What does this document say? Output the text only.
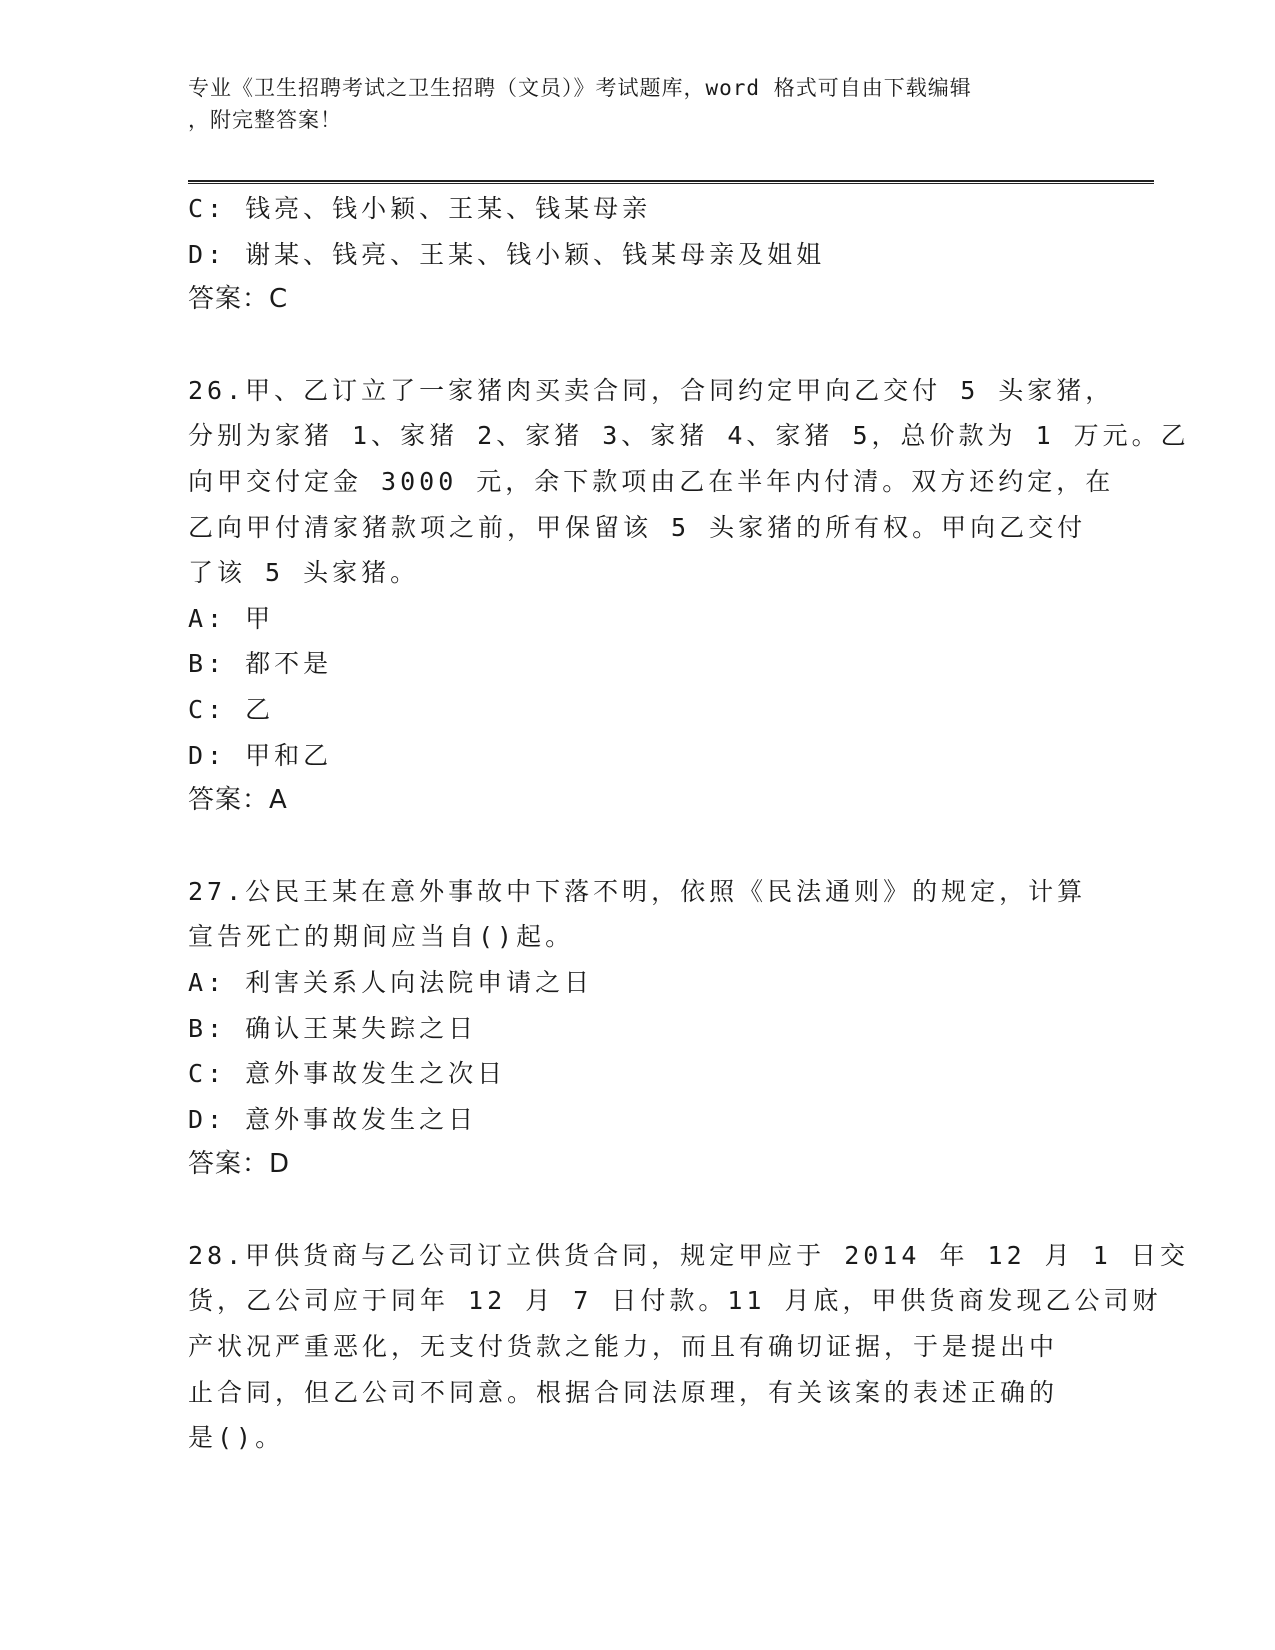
专业《卫生招聘考试之卫生招聘（文员）》考试题库，word 格式可自由下载编辑
，附完整答案！
C: 钱亮、钱小颖、王某、钱某母亲
D: 谢某、钱亮、王某、钱小颖、钱某母亲及姐姐
答案：C
26.甲、乙订立了一家猪肉买卖合同，合同约定甲向乙交付 5 头家猪，
分别为家猪 1、家猪 2、家猪 3、家猪 4、家猪 5，总价款为 1 万元。乙
向甲交付定金 3000 元，余下款项由乙在半年内付清。双方还约定，在
乙向甲付清家猪款项之前，甲保留该 5 头家猪的所有权。甲向乙交付
了该 5 头家猪。
A: 甲
B: 都不是
C: 乙
D: 甲和乙
答案：A
27.公民王某在意外事故中下落不明，依照《民法通则》的规定，计算
宣告死亡的期间应当自()起。
A: 利害关系人向法院申请之日
B: 确认王某失踪之日
C: 意外事故发生之次日
D: 意外事故发生之日
答案：D
28.甲供货商与乙公司订立供货合同，规定甲应于 2014 年 12 月 1 日交
货，乙公司应于同年 12 月 7 日付款。11 月底，甲供货商发现乙公司财
产状况严重恶化，无支付货款之能力，而且有确切证据，于是提出中
止合同，但乙公司不同意。根据合同法原理，有关该案的表述正确的
是()。
